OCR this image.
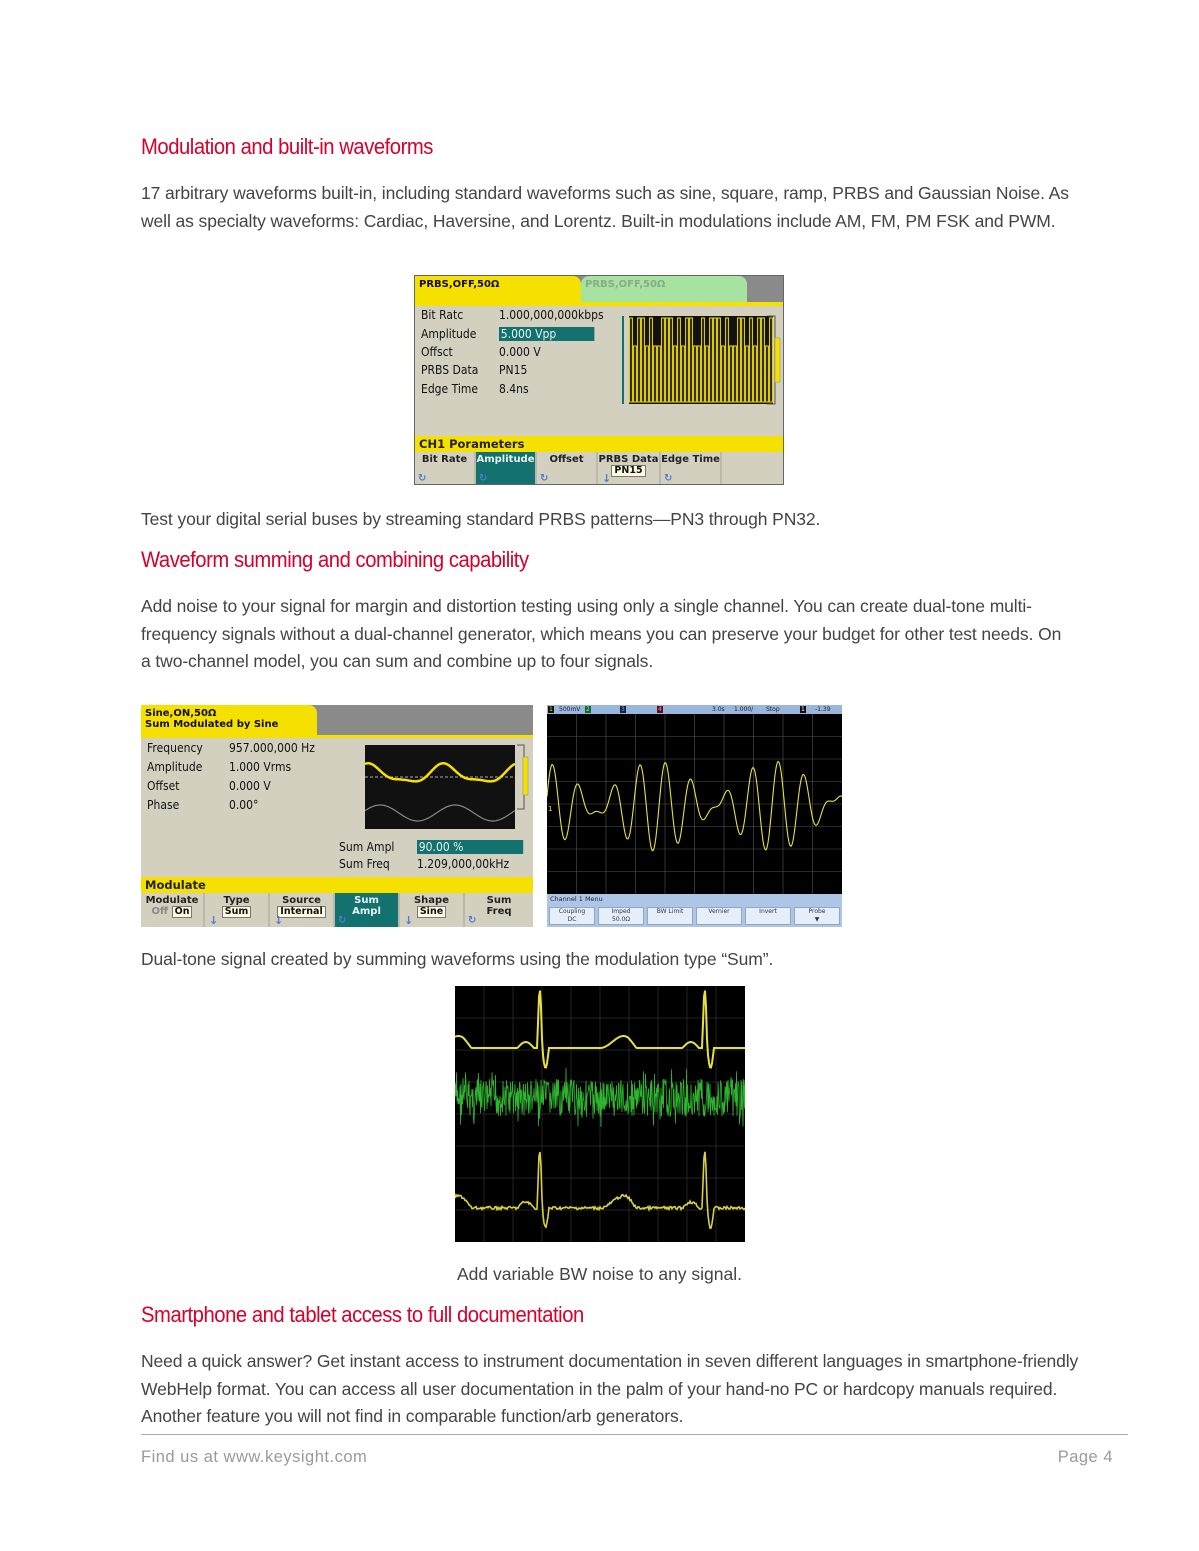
Modulation and built-in waveforms
17 arbitrary waveforms built-in, including standard waveforms such as sine, square, ramp, PRBS and Gaussian Noise. As well as specialty waveforms: Cardiac, Haversine, and Lorentz. Built-in modulations include AM, FM, PM FSK and PWM.
PRBS,OFF,50Ω	PRBS,OFF,50Ω
Bit Ratc	1.000,000,000kbps
Amplitude 5.000 Vpp
Offsct	0.000 V
PRBS Data PN15
Edge Time 8.4ns
CH1 Porameters
Bit Rate
↻
Amplitude
↻
Offset
↻
PRBS Data
PN15
↓
Edge Time
↻
Test your digital serial buses by streaming standard PRBS patterns—PN3 through PN32.
Waveform summing and combining capability
Add noise to your signal for margin and distortion testing using only a single channel. You can create dual-tone multi-frequency signals without a dual-channel generator, which means you can preserve your budget for other test needs. On a two-channel model, you can sum and combine up to four signals.
Sine,ON,50Ω
Sum Modulated by Sine
Frequency 957.000,000 Hz
Amplitude 1.000 Vrms
Offset	0.000 V
Phase	0.00°
Sum Ampl 90.00 %
Sum Freq 1.209,000,00kHz
Modulate
Modulate
Off On
Type
Sum
↓
Source
Internal
↓
Sum
Ampl
↻
Shape
Sine
↓
Sum
Freq
↻
1 500mV 2	3	4	3.0s 1.000/ Stop	1 -1.39
1
Channel 1 Menu
Coupling
DC
Imped
50.0Ω
BW Limit	Vernier	Invert	Probe
▼
Dual-tone signal created by summing waveforms using the modulation type “Sum”.
Add variable BW noise to any signal.
Smartphone and tablet access to full documentation
Need a quick answer? Get instant access to instrument documentation in seven different languages in smartphone-friendly WebHelp format. You can access all user documentation in the palm of your hand-no PC or hardcopy manuals required. Another feature you will not find in comparable function/arb generators.
Find us at www.keysight.com	Page 4
